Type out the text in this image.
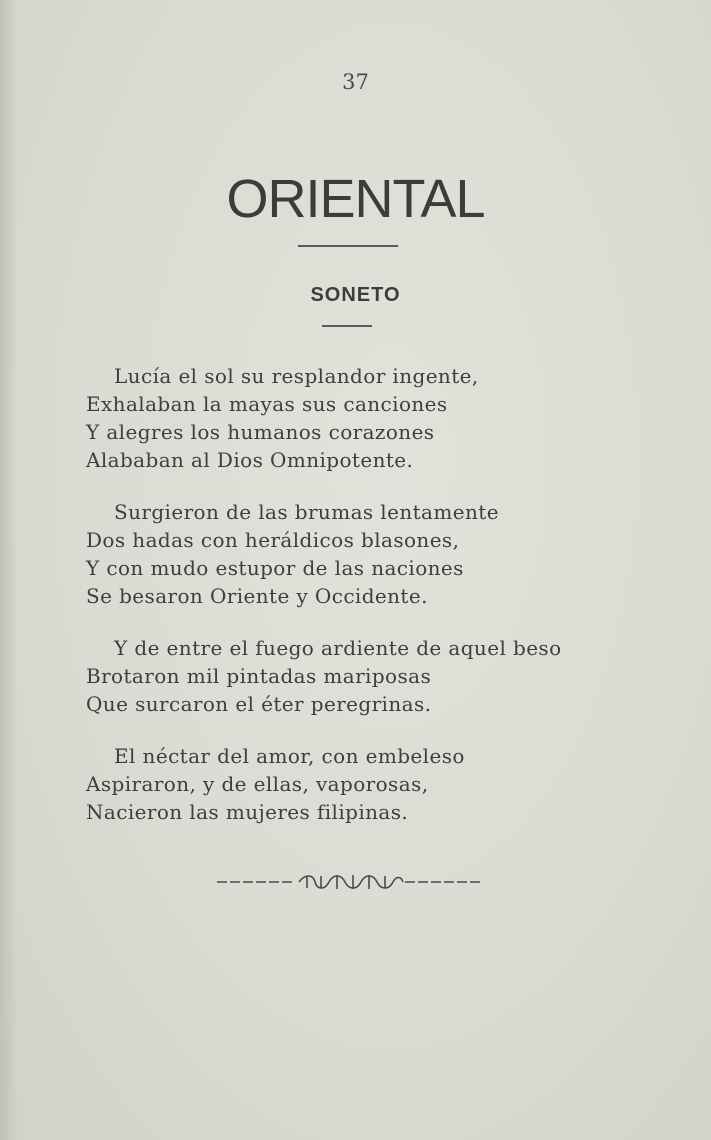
37
ORIENTAL
SONETO
Lucía el sol su resplandor ingente,
Exhalaban la mayas sus canciones
Y alegres los humanos corazones
Alababan al Dios Omnipotente.
Surgieron de las brumas lentamente
Dos hadas con heráldicos blasones,
Y con mudo estupor de las naciones
Se besaron Oriente y Occidente.
Y de entre el fuego ardiente de aquel beso
Brotaron mil pintadas mariposas
Que surcaron el éter peregrinas.
El néctar del amor, con embeleso
Aspiraron, y de ellas, vaporosas,
Nacieron las mujeres filipinas.
